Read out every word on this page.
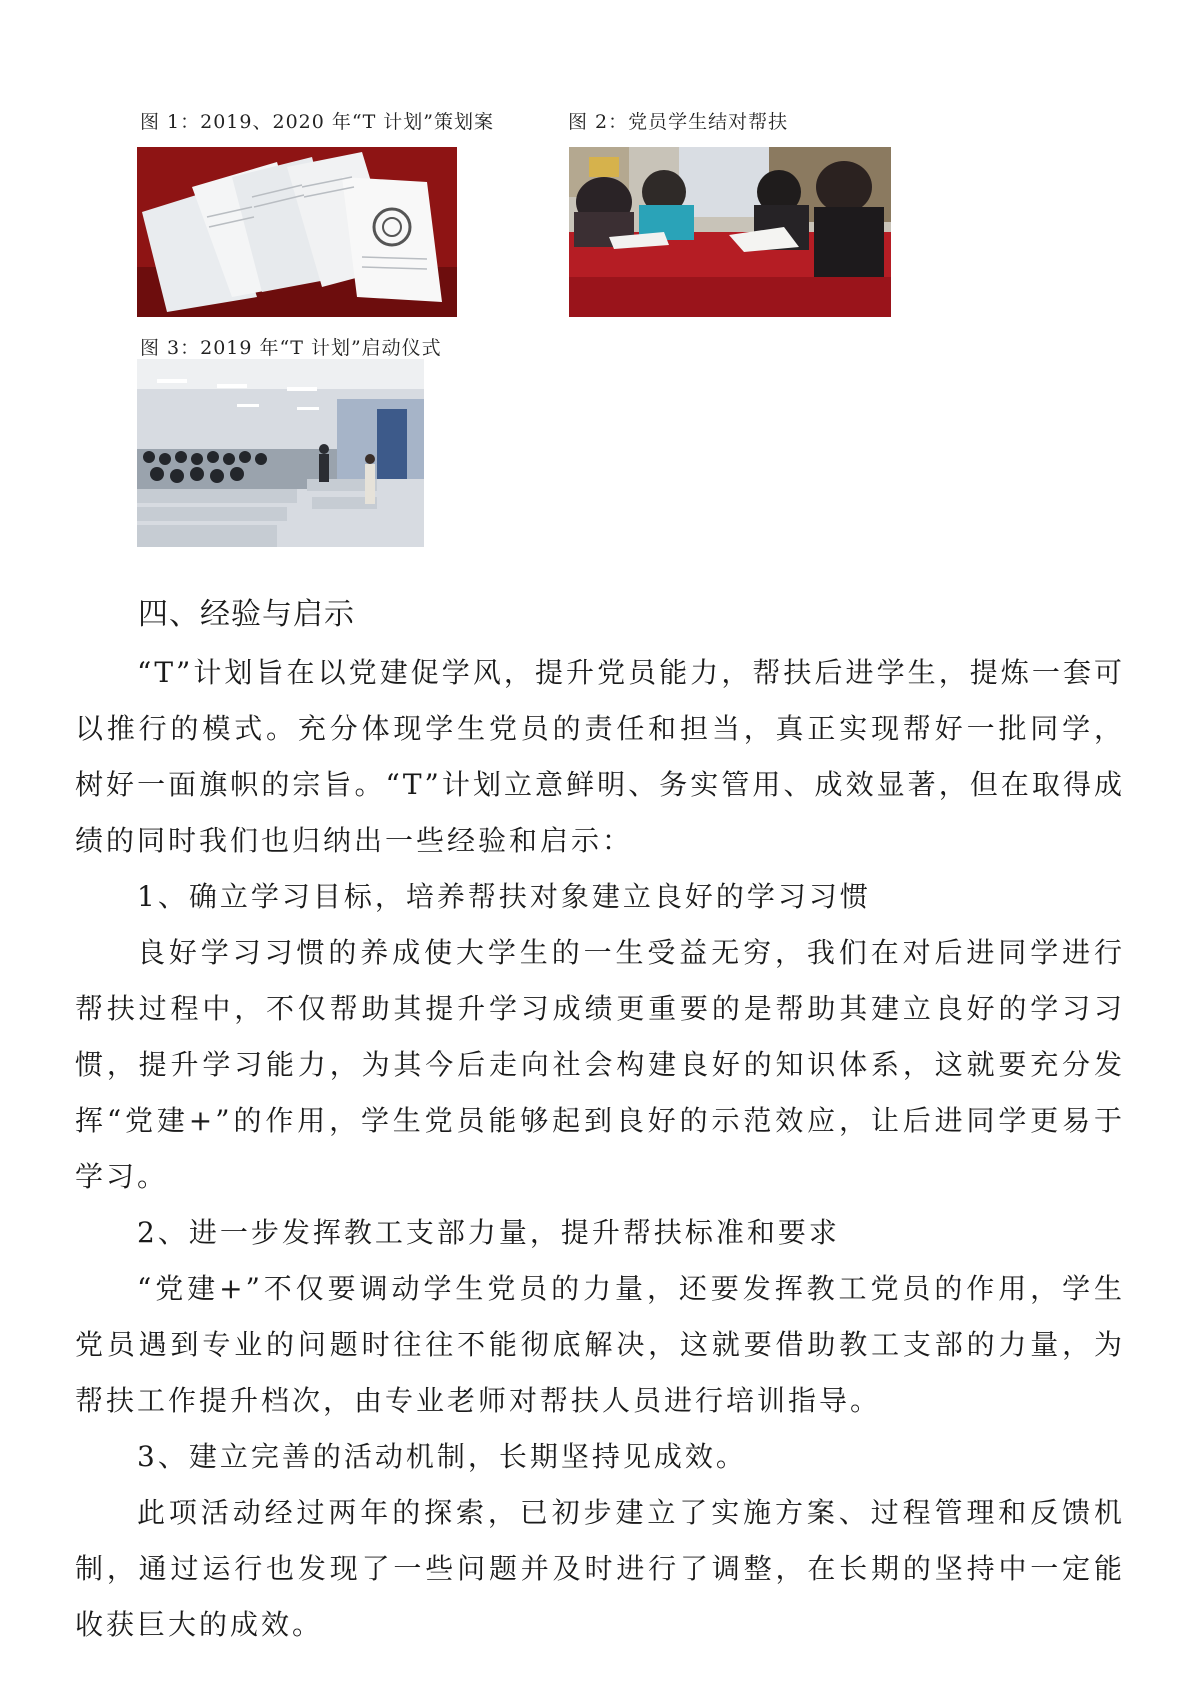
图 1：2019、2020 年“T 计划”策划案	图 2：党员学生结对帮扶
图 3：2019 年“T 计划”启动仪式
四、经验与启示

“T”计划旨在以党建促学风，提升党员能力，帮扶后进学生，提炼一套可以推行的模式。充分体现学生党员的责任和担当，真正实现帮好一批同学，树好一面旗帜的宗旨。“T”计划立意鲜明、务实管用、成效显著，但在取得成绩的同时我们也归纳出一些经验和启示：

1、确立学习目标，培养帮扶对象建立良好的学习习惯

良好学习习惯的养成使大学生的一生受益无穷，我们在对后进同学进行帮扶过程中，不仅帮助其提升学习成绩更重要的是帮助其建立良好的学习习惯，提升学习能力，为其今后走向社会构建良好的知识体系，这就要充分发挥“党建+”的作用，学生党员能够起到良好的示范效应，让后进同学更易于学习。

2、进一步发挥教工支部力量，提升帮扶标准和要求

“党建+”不仅要调动学生党员的力量，还要发挥教工党员的作用，学生党员遇到专业的问题时往往不能彻底解决，这就要借助教工支部的力量，为帮扶工作提升档次，由专业老师对帮扶人员进行培训指导。

3、建立完善的活动机制，长期坚持见成效。

此项活动经过两年的探索，已初步建立了实施方案、过程管理和反馈机制，通过运行也发现了一些问题并及时进行了调整，在长期的坚持中一定能收获巨大的成效。
